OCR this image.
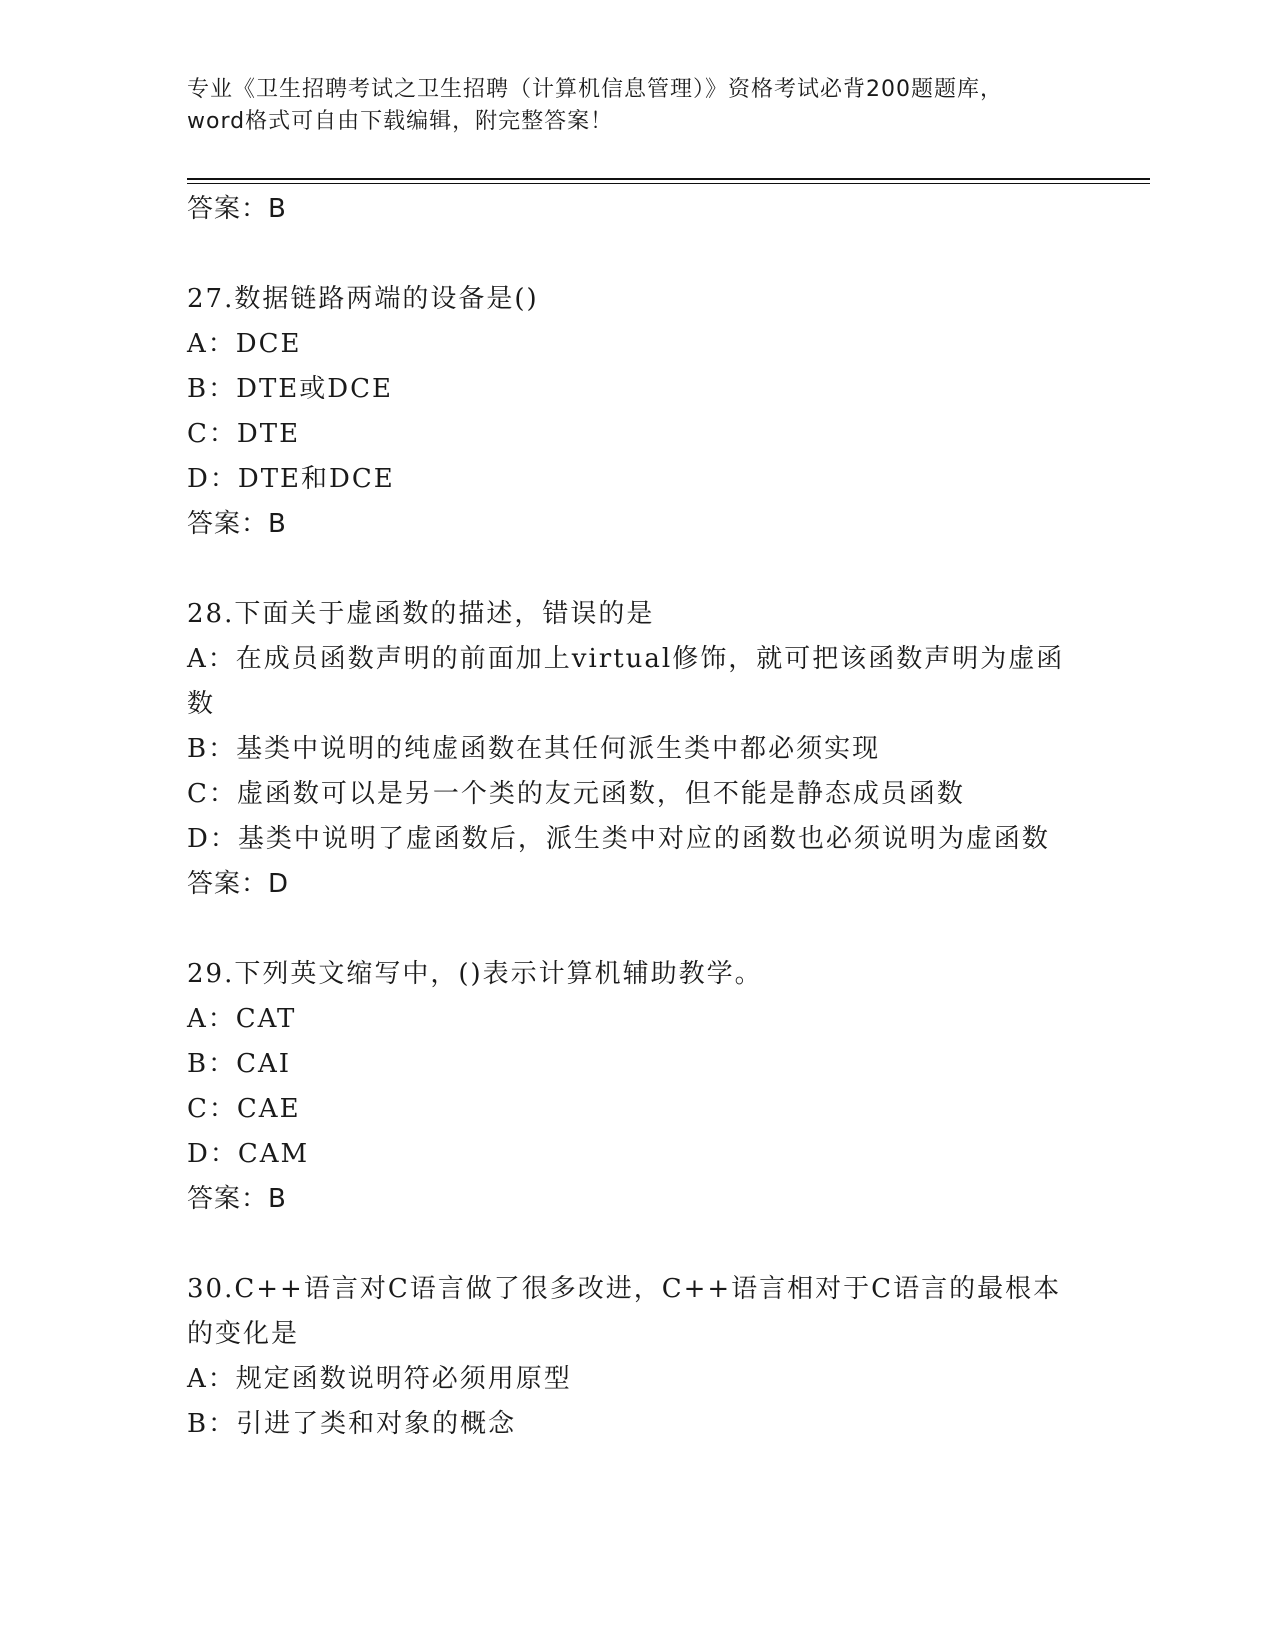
专业《卫生招聘考试之卫生招聘（计算机信息管理）》资格考试必背200题题库，
word格式可自由下载编辑，附完整答案！
答案：B
27.数据链路两端的设备是()
A：DCE
B：DTE或DCE
C：DTE
D：DTE和DCE
答案：B
28.下面关于虚函数的描述，错误的是
A：在成员函数声明的前面加上virtual修饰，就可把该函数声明为虚函数
B：基类中说明的纯虚函数在其任何派生类中都必须实现
C：虚函数可以是另一个类的友元函数，但不能是静态成员函数
D：基类中说明了虚函数后，派生类中对应的函数也必须说明为虚函数
答案：D
29.下列英文缩写中，()表示计算机辅助教学。
A：CAT
B：CAI
C：CAE
D：CAM
答案：B
30.C++语言对C语言做了很多改进，C++语言相对于C语言的最根本的变化是
A：规定函数说明符必须用原型
B：引进了类和对象的概念
